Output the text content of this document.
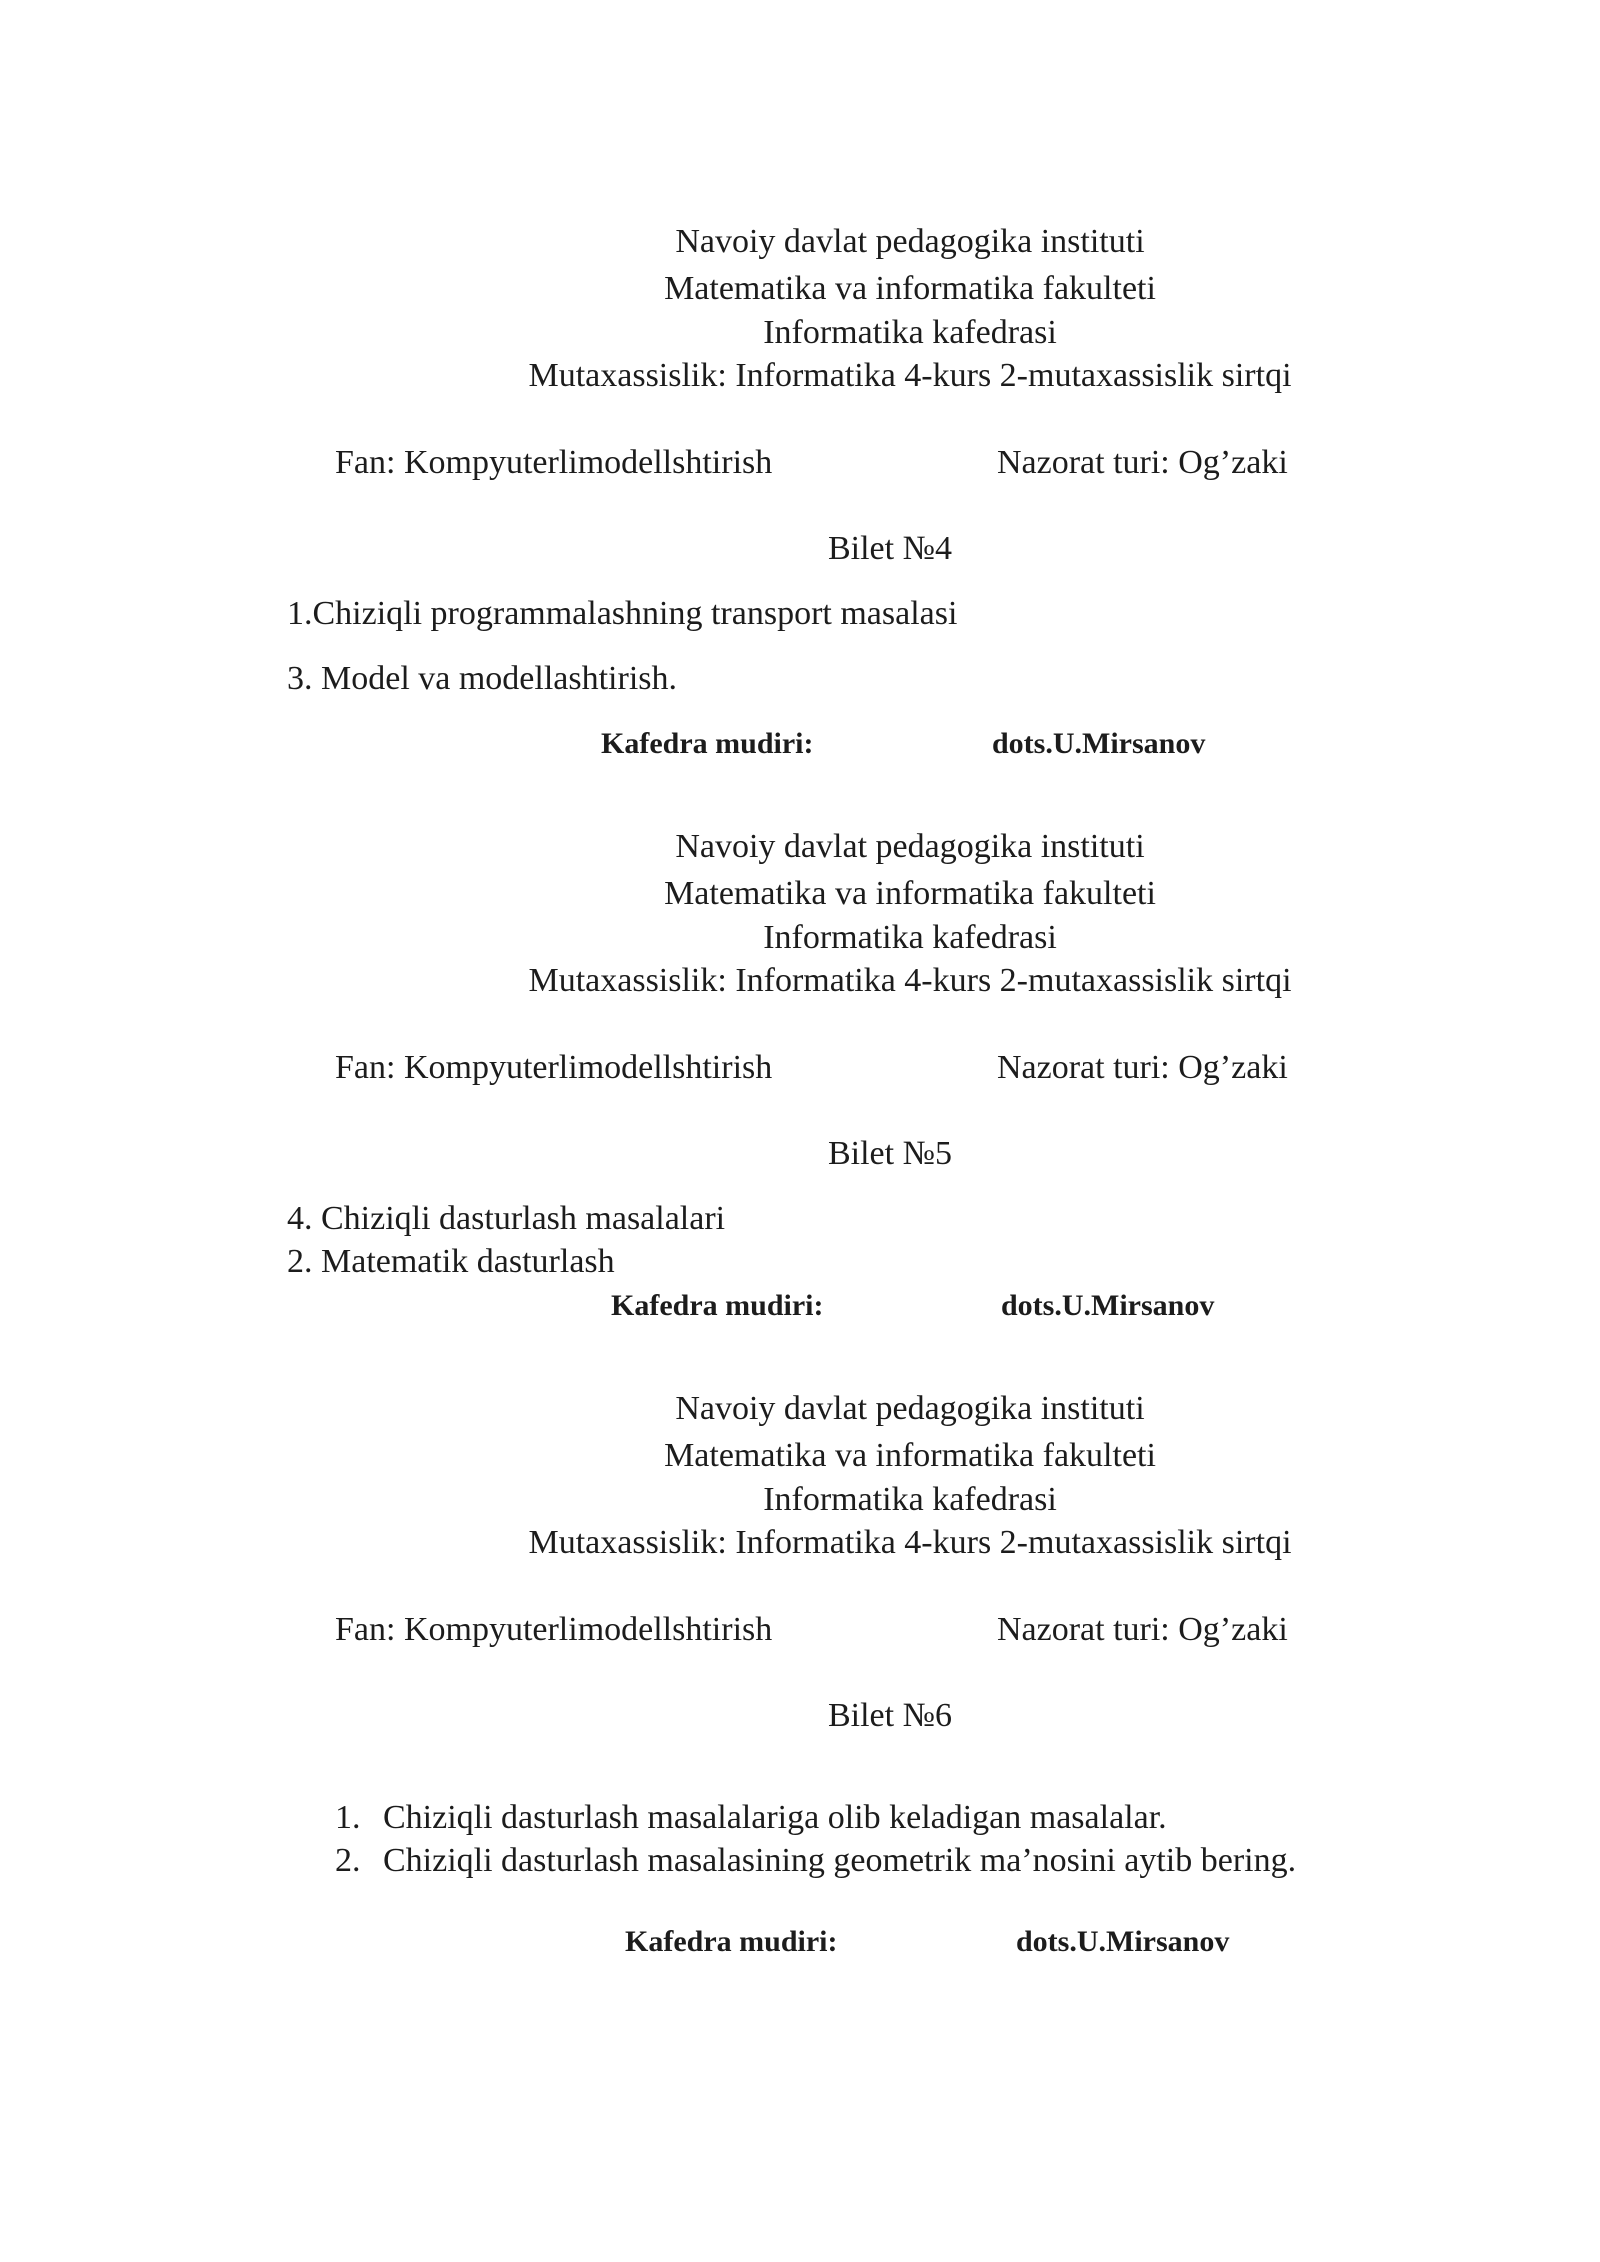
Navoiy davlat pedagogika instituti
Matematika va informatika fakulteti
Informatika kafedrasi
Mutaxassislik: Informatika 4-kurs 2-mutaxassislik sirtqi
Fan: Kompyuterlimodellshtirish	Nazorat turi: Og’zaki
Bilet №4
1.Chiziqli programmalashning transport masalasi
3. Model va modellashtirish.
Kafedra mudiri:	dots.U.Mirsanov
Navoiy davlat pedagogika instituti
Matematika va informatika fakulteti
Informatika kafedrasi
Mutaxassislik: Informatika 4-kurs 2-mutaxassislik sirtqi
Fan: Kompyuterlimodellshtirish	Nazorat turi: Og’zaki
Bilet №5
4. Chiziqli dasturlash masalalari
2. Matematik dasturlash
Kafedra mudiri:	dots.U.Mirsanov
Navoiy davlat pedagogika instituti
Matematika va informatika fakulteti
Informatika kafedrasi
Mutaxassislik: Informatika 4-kurs 2-mutaxassislik sirtqi
Fan: Kompyuterlimodellshtirish	Nazorat turi: Og’zaki
Bilet №6
1. Chiziqli dasturlash masalalariga olib keladigan masalalar.
2. Chiziqli dasturlash masalasining geometrik ma’nosini aytib bering.
Kafedra mudiri:	dots.U.Mirsanov
